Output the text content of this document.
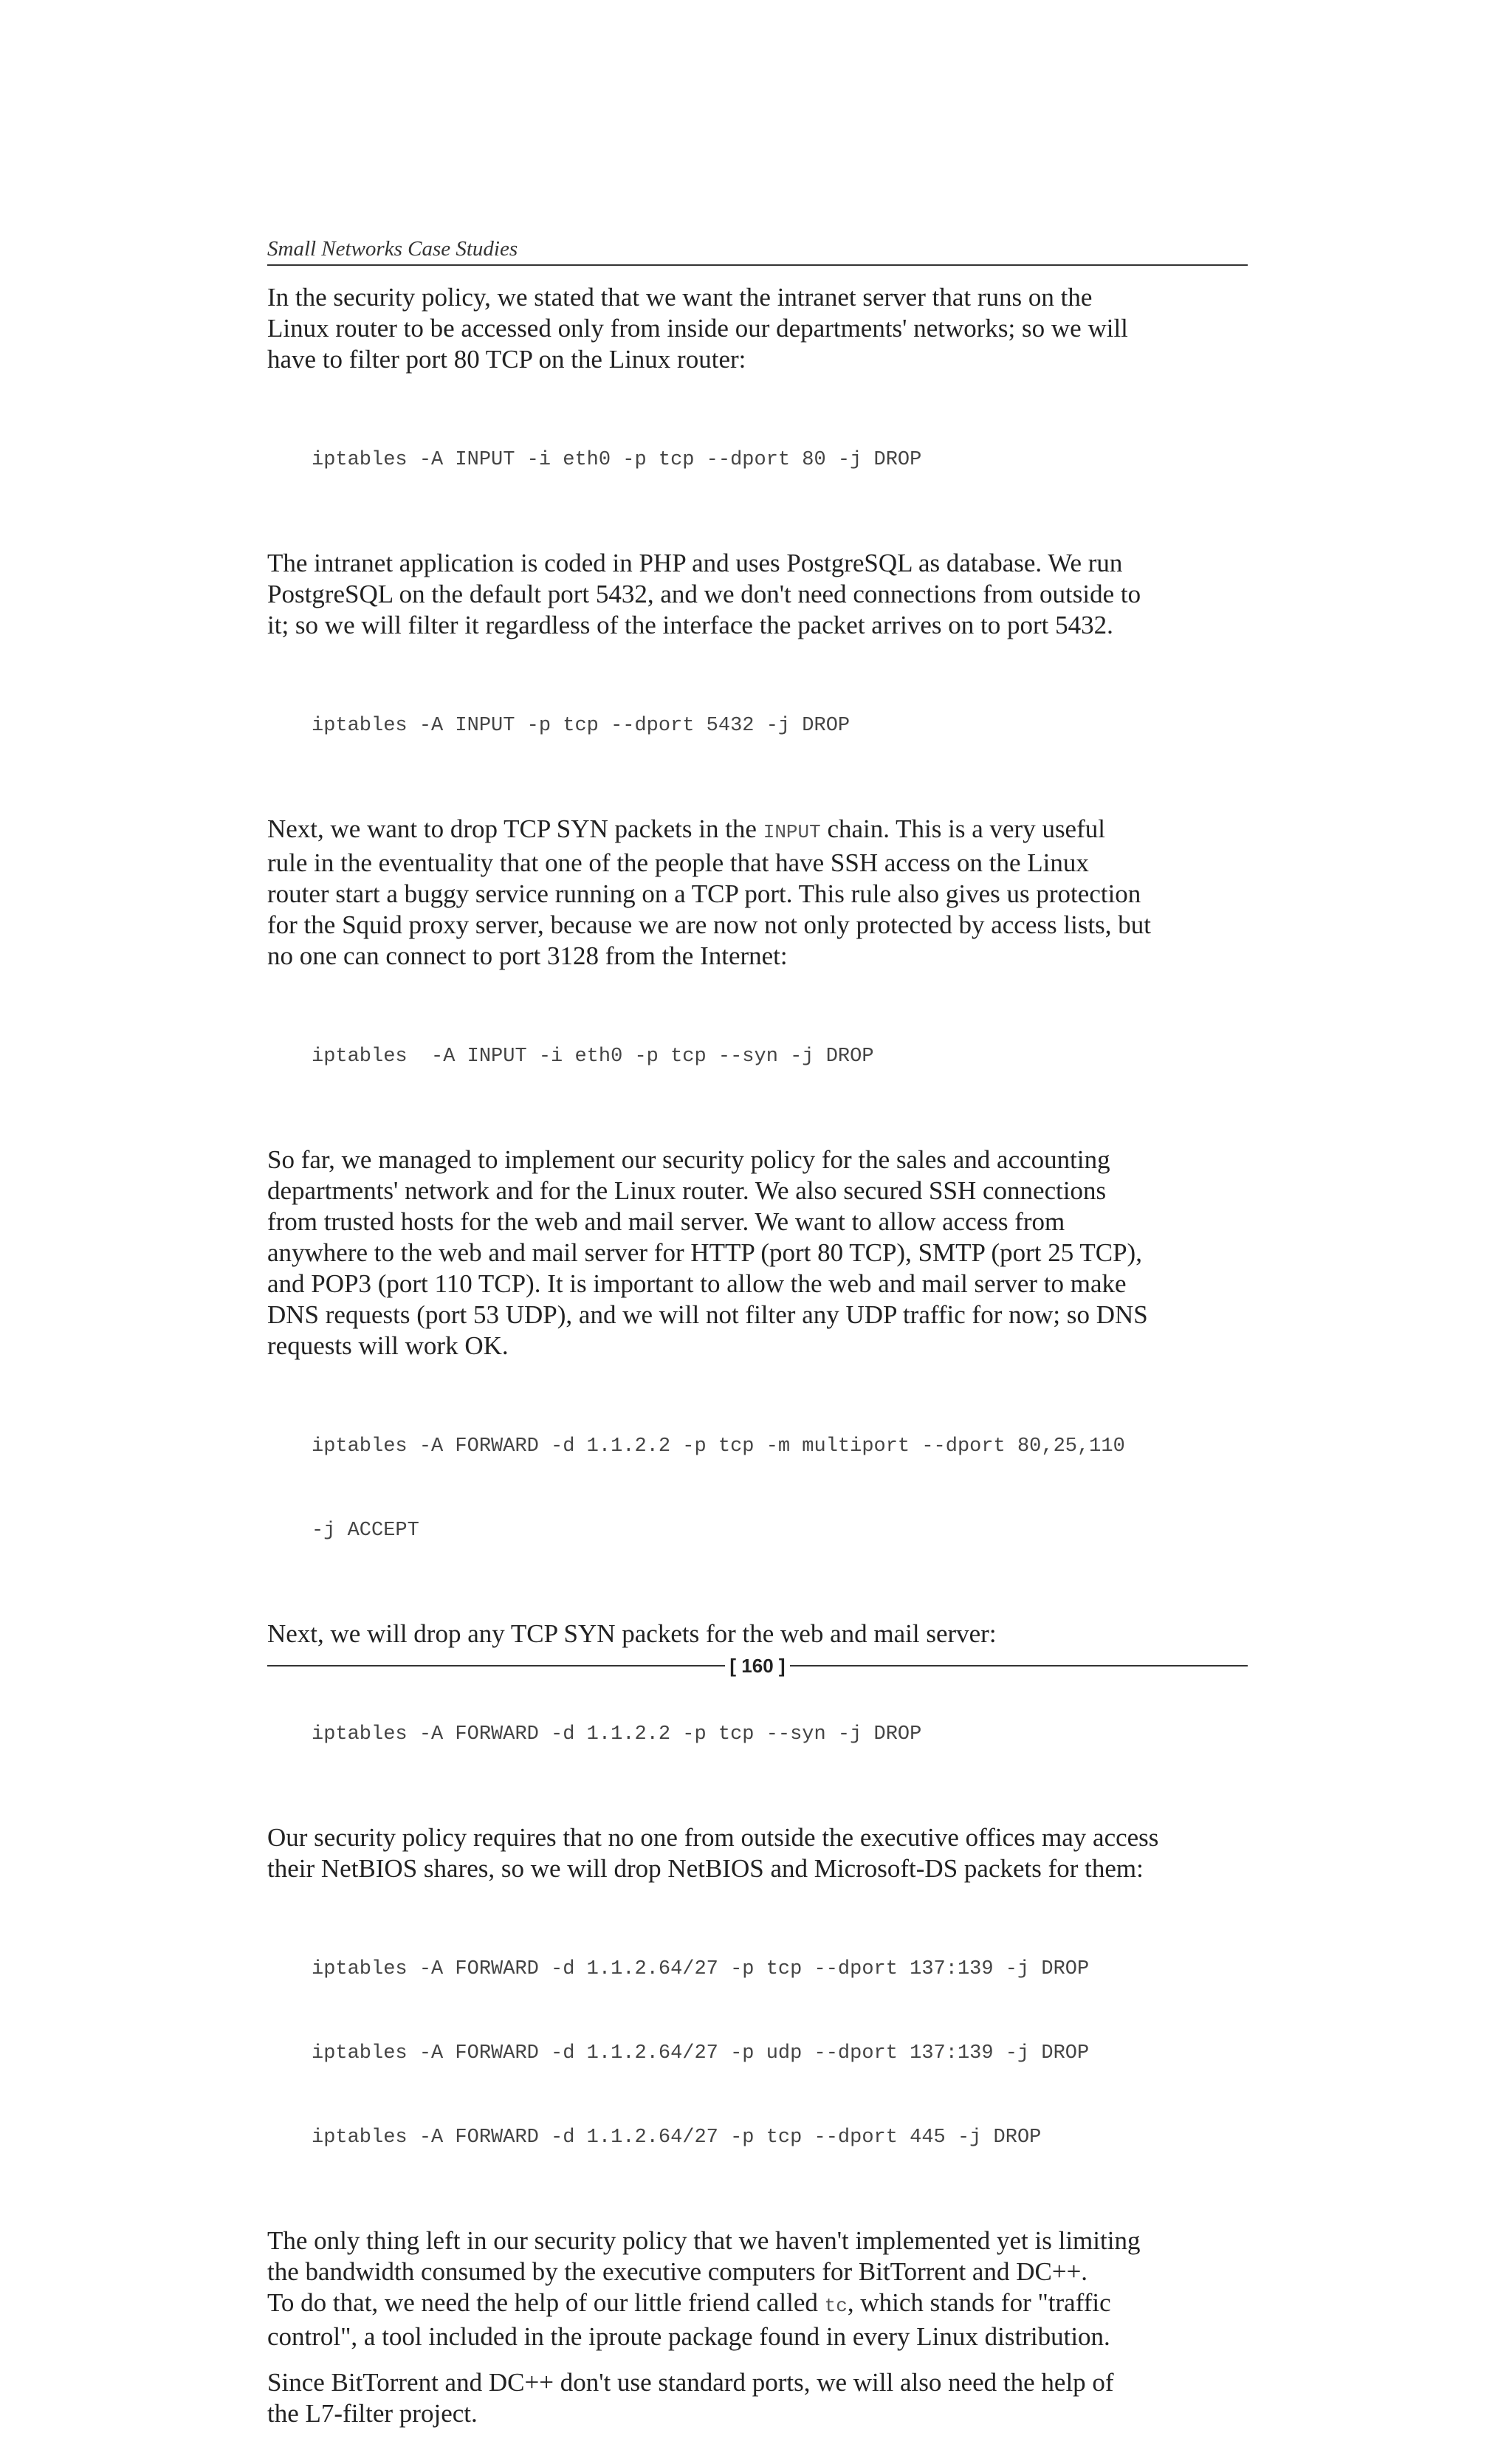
Small Networks Case Studies

In the security policy, we stated that we want the intranet server that runs on the
Linux router to be accessed only from inside our departments' networks; so we will
have to filter port 80 TCP on the Linux router:

iptables -A INPUT -i eth0 -p tcp --dport 80 -j DROP

The intranet application is coded in PHP and uses PostgreSQL as database. We run
PostgreSQL on the default port 5432, and we don't need connections from outside to
it; so we will filter it regardless of the interface the packet arrives on to port 5432.

iptables -A INPUT -p tcp --dport 5432 -j DROP

Next, we want to drop TCP SYN packets in the INPUT chain. This is a very useful
rule in the eventuality that one of the people that have SSH access on the Linux
router start a buggy service running on a TCP port. This rule also gives us protection
for the Squid proxy server, because we are now not only protected by access lists, but
no one can connect to port 3128 from the Internet:

iptables  -A INPUT -i eth0 -p tcp --syn -j DROP

So far, we managed to implement our security policy for the sales and accounting
departments' network and for the Linux router. We also secured SSH connections
from trusted hosts for the web and mail server. We want to allow access from
anywhere to the web and mail server for HTTP (port 80 TCP), SMTP (port 25 TCP),
and POP3 (port 110 TCP). It is important to allow the web and mail server to make
DNS requests (port 53 UDP), and we will not filter any UDP traffic for now; so DNS
requests will work OK.

iptables -A FORWARD -d 1.1.2.2 -p tcp -m multiport --dport 80,25,110

-j ACCEPT

Next, we will drop any TCP SYN packets for the web and mail server:

iptables -A FORWARD -d 1.1.2.2 -p tcp --syn -j DROP

Our security policy requires that no one from outside the executive offices may access
their NetBIOS shares, so we will drop NetBIOS and Microsoft-DS packets for them:

iptables -A FORWARD -d 1.1.2.64/27 -p tcp --dport 137:139 -j DROP

iptables -A FORWARD -d 1.1.2.64/27 -p udp --dport 137:139 -j DROP

iptables -A FORWARD -d 1.1.2.64/27 -p tcp --dport 445 -j DROP

The only thing left in our security policy that we haven't implemented yet is limiting
the bandwidth consumed by the executive computers for BitTorrent and DC++.
To do that, we need the help of our little friend called tc, which stands for "traffic
control", a tool included in the iproute package found in every Linux distribution.

Since BitTorrent and DC++ don't use standard ports, we will also need the help of
the L7-filter project.

[ 160 ]
